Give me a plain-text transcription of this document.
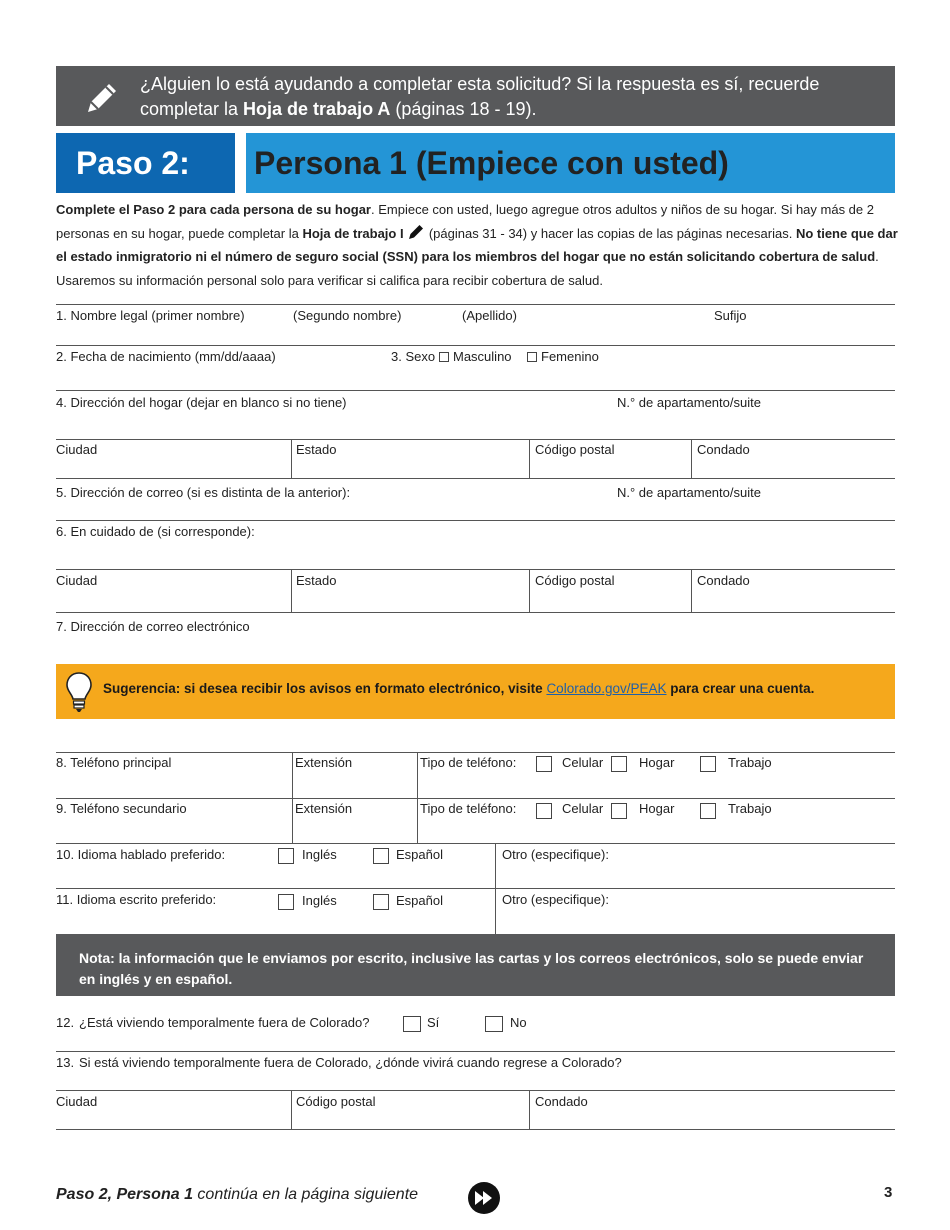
¿Alguien lo está ayudando a completar esta solicitud? Si la respuesta es sí, recuerde completar la Hoja de trabajo A (páginas 18 - 19).
Paso 2:	Persona 1 (Empiece con usted)
Complete el Paso 2 para cada persona de su hogar. Empiece con usted, luego agregue otros adultos y niños de su hogar. Si hay más de 2 personas en su hogar, puede completar la Hoja de trabajo I  (páginas 31 - 34) y hacer las copias de las páginas necesarias. No tiene que dar el estado inmigratorio ni el número de seguro social (SSN) para los miembros del hogar que no están solicitando cobertura de salud. Usaremos su información personal solo para verificar si califica para recibir cobertura de salud.
1. Nombre legal (primer nombre)	(Segundo nombre)	(Apellido)	Sufijo
2. Fecha de nacimiento (mm/dd/aaaa)	3. Sexo Masculino Femenino
4. Dirección del hogar (dejar en blanco si no tiene)	N.° de apartamento/suite
Ciudad	Estado	Código postal	Condado
5. Dirección de correo (si es distinta de la anterior):	N.° de apartamento/suite
6. En cuidado de (si corresponde):
Ciudad	Estado	Código postal	Condado
7. Dirección de correo electrónico
Sugerencia: si desea recibir los avisos en formato electrónico, visite Colorado.gov/PEAK para crear una cuenta.
8. Teléfono principal	Extensión	Tipo de teléfono:	Celular	Hogar	Trabajo
9. Teléfono secundario	Extensión	Tipo de teléfono:	Celular	Hogar	Trabajo
10. Idioma hablado preferido:	Inglés	Español	Otro (especifique):
11. Idioma escrito preferido:	Inglés	Español	Otro (especifique):
Nota: la información que le enviamos por escrito, inclusive las cartas y los correos electrónicos, solo se puede enviar en inglés y en español.
12. ¿Está viviendo temporalmente fuera de Colorado?	Sí	No
13. Si está viviendo temporalmente fuera de Colorado, ¿dónde vivirá cuando regrese a Colorado?
Ciudad	Código postal	Condado
Paso 2, Persona 1 continúa en la página siguiente	3
